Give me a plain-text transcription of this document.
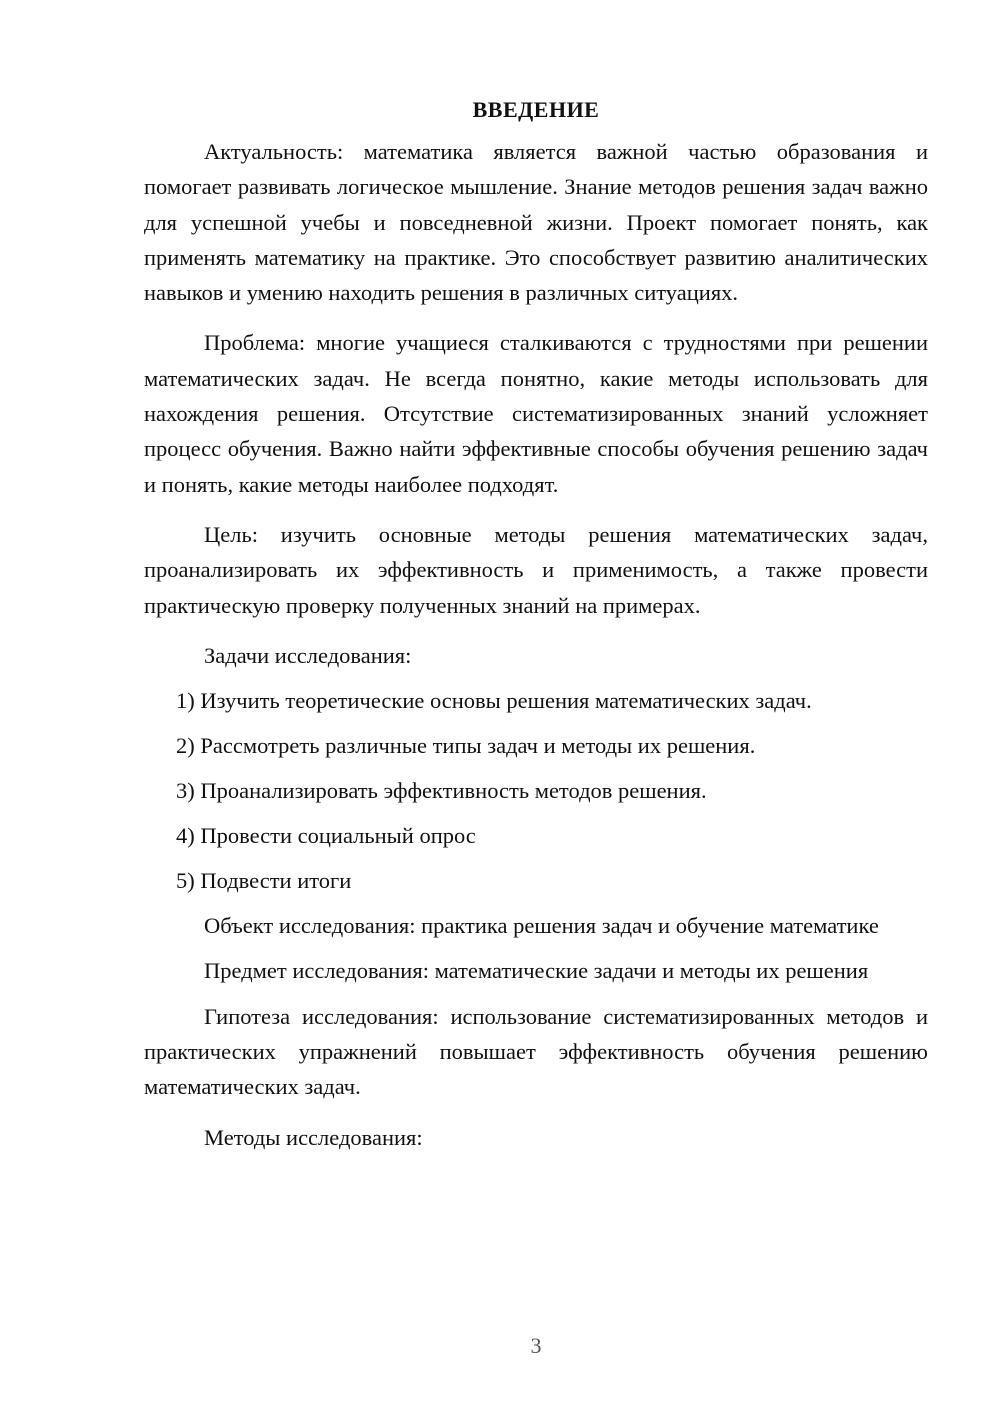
ВВЕДЕНИЕ

Актуальность: математика является важной частью образования и помогает развивать логическое мышление. Знание методов решения задач важно для успешной учебы и повседневной жизни. Проект помогает понять, как применять математику на практике. Это способствует развитию аналитических навыков и умению находить решения в различных ситуациях.

Проблема: многие учащиеся сталкиваются с трудностями при решении математических задач. Не всегда понятно, какие методы использовать для нахождения решения. Отсутствие систематизированных знаний усложняет процесс обучения. Важно найти эффективные способы обучения решению задач и понять, какие методы наиболее подходят.

Цель: изучить основные методы решения математических задач, проанализировать их эффективность и применимость, а также провести практическую проверку полученных знаний на примерах.

Задачи исследования:

1) Изучить теоретические основы решения математических задач.

2) Рассмотреть различные типы задач и методы их решения.

3) Проанализировать эффективность методов решения.

4) Провести социальный опрос

5) Подвести итоги

Объект исследования: практика решения задач и обучение математике

Предмет исследования: математические задачи и методы их решения

Гипотеза исследования: использование систематизированных методов и практических упражнений повышает эффективность обучения решению математических задач.

Методы исследования:

3
